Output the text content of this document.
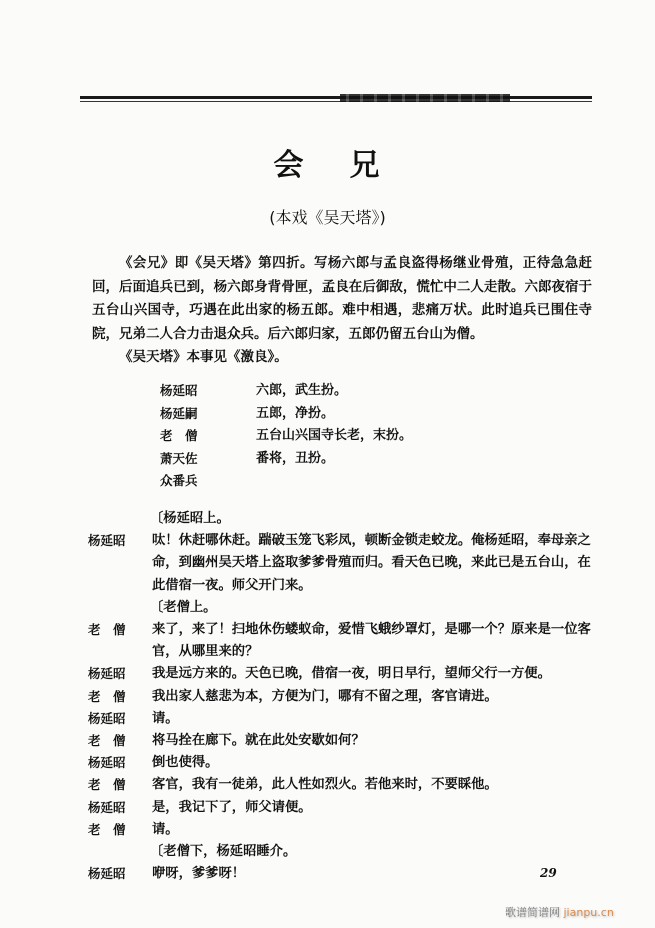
会 兄
(本戏《吴天塔》)

《会兄》即《吴天塔》第四折。写杨六郎与孟良盗得杨继业骨殖，正待急急赶回，后面追兵已到，杨六郎身背骨匣，孟良在后御敌，慌忙中二人走散。六郎夜宿于五台山兴国寺，巧遇在此出家的杨五郎。难中相遇，悲痛万状。此时追兵已围住寺院，兄弟二人合力击退众兵。后六郎归家，五郎仍留五台山为僧。

《吴天塔》本事见《激良》。

杨延昭	六郎，武生扮。
杨延嗣	五郎，净扮。
老　僧	五台山兴国寺长老，末扮。
萧天佐	番将，丑扮。
众番兵
〔杨延昭上。
杨延昭	呔！休赶哪休赶。踹破玉笼飞彩凤，顿断金锁走蛟龙。俺杨延昭，奉母亲之命，到幽州吴天塔上盗取爹爹骨殖而归。看天色已晚，来此已是五台山，在此借宿一夜。师父开门来。
〔老僧上。
老　僧	来了，来了！扫地休伤蝼蚁命，爱惜飞蛾纱罩灯，是哪一个？原来是一位客官，从哪里来的？
杨延昭	我是远方来的。天色已晚，借宿一夜，明日早行，望师父行一方便。
老　僧	我出家人慈悲为本，方便为门，哪有不留之理，客官请进。
杨延昭	请。
老　僧	将马拴在廊下。就在此处安歇如何？
杨延昭	倒也使得。
老　僧	客官，我有一徒弟，此人性如烈火。若他来时，不要睬他。
杨延昭	是，我记下了，师父请便。
老　僧	请。
〔老僧下，杨延昭睡介。
杨延昭	咿呀，爹爹呀！	29
歌谱简谱网 jianpu.cn
